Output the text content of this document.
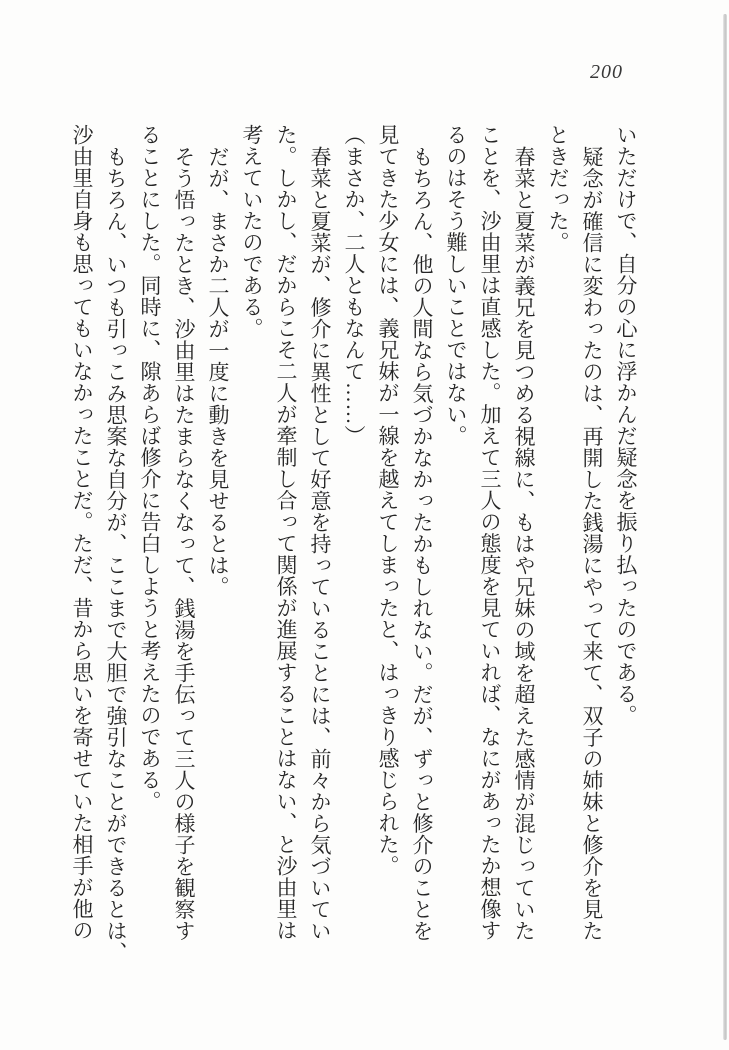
200

いただけで、自分の心に浮かんだ疑念を振り払ったのである。

疑念が確信に変わったのは、再開した銭湯にやって来て、双子の姉妹と修介を見た

ときだった。

春菜と夏菜が義兄を見つめる視線に、もはや兄妹の域を超えた感情が混じっていた

ことを、沙由里は直感した。加えて三人の態度を見ていれば、なにがあったか想像す

るのはそう難しいことではない。

もちろん、他の人間なら気づかなかったかもしれない。だが、ずっと修介のことを

見てきた少女には、義兄妹が一線を越えてしまったと、はっきり感じられた。

（まさか、二人ともなんて……）

春菜と夏菜が、修介に異性として好意を持っていることには、前々から気づいてい

た。しかし、だからこそ二人が牽制し合って関係が進展することはない、と沙由里は

考えていたのである。

だが、まさか二人が一度に動きを見せるとは。

そう悟ったとき、沙由里はたまらなくなって、銭湯を手伝って三人の様子を観察す

ることにした。同時に、隙あらば修介に告白しようと考えたのである。

もちろん、いつも引っこみ思案な自分が、ここまで大胆で強引なことができるとは、

沙由里自身も思ってもいなかったことだ。ただ、昔から思いを寄せていた相手が他の
